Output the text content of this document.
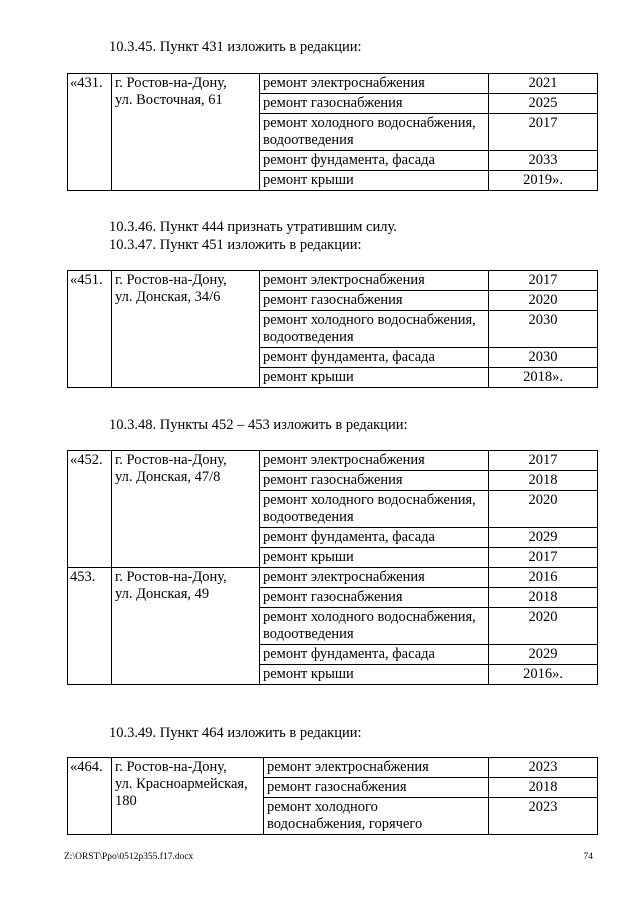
10.3.45. Пункт 431 изложить в редакции:
«431.	г. Ростов-на-Дону,
ул. Восточная, 61	ремонт электроснабжения	2021

		ремонт газоснабжения	2025

		ремонт холодного водоснабжения,
водоотведения	2017

		ремонт фундамента, фасада	2033

		ремонт крыши	2019».
10.3.46. Пункт 444 признать утратившим силу.
10.3.47. Пункт 451 изложить в редакции:
«451.	г. Ростов-на-Дону,
ул. Донская, 34/6	ремонт электроснабжения	2017

		ремонт газоснабжения	2020

		ремонт холодного водоснабжения,
водоотведения	2030

		ремонт фундамента, фасада	2030

		ремонт крыши	2018».
10.3.48. Пункты 452 – 453 изложить в редакции:
«452.	г. Ростов-на-Дону,
ул. Донская, 47/8	ремонт электроснабжения	2017

		ремонт газоснабжения	2018

		ремонт холодного водоснабжения,
водоотведения	2020

		ремонт фундамента, фасада	2029

		ремонт крыши	2017
453.	г. Ростов-на-Дону,
ул. Донская, 49	ремонт электроснабжения	2016

		ремонт газоснабжения	2018

		ремонт холодного водоснабжения,
водоотведения	2020

		ремонт фундамента, фасада	2029

		ремонт крыши	2016».
10.3.49. Пункт 464 изложить в редакции:
«464.	г. Ростов-на-Дону,
ул. Красноармейская,
180	ремонт электроснабжения	2023

		ремонт газоснабжения	2018

		ремонт холодного
водоснабжения, горячего	2023
Z:\ORST\Ppo\0512p355.f17.docx	74
